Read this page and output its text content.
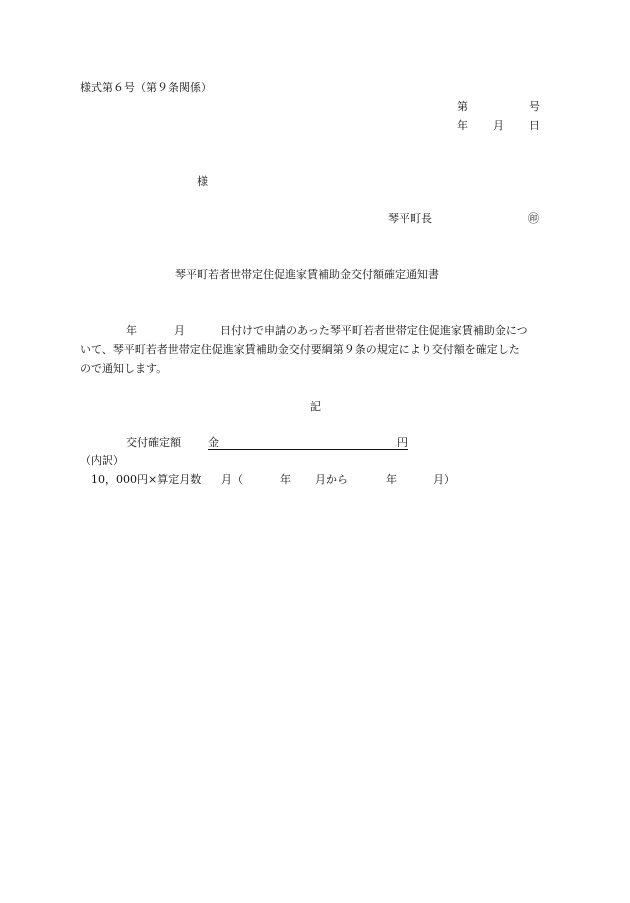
様式第６号（第９条関係）
第	号
年 月 日
様
琴平町長	㊞
琴平町若者世帯定住促進家賃補助金交付額確定通知書
年	月	日付けで申請のあった琴平町若者世帯定住促進家賃補助金につ
いて、琴平町若者世帯定住促進家賃補助金交付要綱第９条の規定により交付額を確定した
ので通知します。
記
交付確定額

金

	円

（内訳）
10，000円×算定月数 月（	年 月から	年	月）
